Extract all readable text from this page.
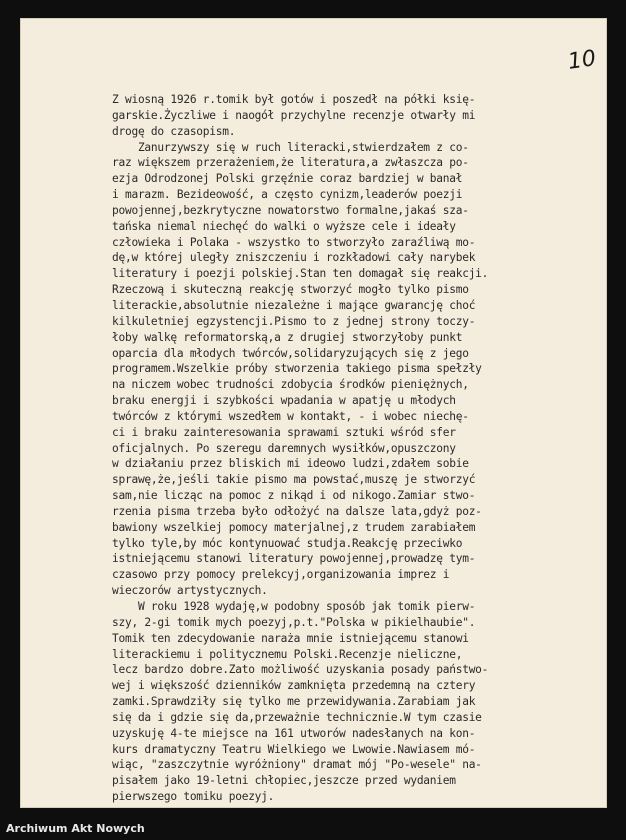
10
Z wiosną 1926 r.tomik był gotów i poszedł na półki księ-
garskie.Życzliwe i naogół przychylne recenzje otwarły mi
drogę do czasopism.
Zanurzywszy się w ruch literacki,stwierdzałem z co-
raz większem przerażeniem,że literatura,a zwłaszcza po-
ezja Odrodzonej Polski grzęźnie coraz bardziej w banał
i marazm. Bezideowość, a często cynizm,leaderów poezji
powojennej,bezkrytyczne nowatorstwo formalne,jakaś sza-
tańska niemal niechęć do walki o wyższe cele i ideały
człowieka i Polaka - wszystko to stworzyło zaraźliwą mo-
dę,w której uległy zniszczeniu i rozkładowi cały narybek
literatury i poezji polskiej.Stan ten domagał się reakcji.
Rzeczową i skuteczną reakcję stworzyć mogło tylko pismo
literackie,absolutnie niezależne i mające gwarancję choć
kilkuletniej egzystencji.Pismo to z jednej strony toczy-
łoby walkę reformatorską,a z drugiej stworzyłoby punkt
oparcia dla młodych twórców,solidaryzujących się z jego
programem.Wszelkie próby stworzenia takiego pisma spełzły
na niczem wobec trudności zdobycia środków pieniężnych,
braku energji i szybkości wpadania w apatję u młodych
twórców z którymi wszedłem w kontakt, - i wobec niechę-
ci i braku zainteresowania sprawami sztuki wśród sfer
oficjalnych. Po szeregu daremnych wysiłków,opuszczony
w działaniu przez bliskich mi ideowo ludzi,zdałem sobie
sprawę,że,jeśli takie pismo ma powstać,muszę je stworzyć
sam,nie licząc na pomoc z nikąd i od nikogo.Zamiar stwo-
rzenia pisma trzeba było odłożyć na dalsze lata,gdyż poz-
bawiony wszelkiej pomocy materjalnej,z trudem zarabiałem
tylko tyle,by móc kontynuować studja.Reakcję przeciwko
istniejącemu stanowi literatury powojennej,prowadzę tym-
czasowo przy pomocy prelekcyj,organizowania imprez i
wieczorów artystycznych.
W roku 1928 wydaję,w podobny sposób jak tomik pierw-
szy, 2-gi tomik mych poezyj,p.t."Polska w pikielhaubie".
Tomik ten zdecydowanie naraża mnie istniejącemu stanowi
literackiemu i politycznemu Polski.Recenzje nieliczne,
lecz bardzo dobre.Zato możliwość uzyskania posady państwo-
wej i większość dzienników zamknięta przedemną na cztery
zamki.Sprawdziły się tylko me przewidywania.Zarabiam jak
się da i gdzie się da,przeważnie technicznie.W tym czasie
uzyskuję 4-te miejsce na 161 utworów nadesłanych na kon-
kurs dramatyczny Teatru Wielkiego we Lwowie.Nawiasem mó-
wiąc, "zaszczytnie wyróżniony" dramat mój "Po-wesele" na-
pisałem jako 19-letni chłopiec,jeszcze przed wydaniem
pierwszego tomiku poezyj.
Archiwum Akt Nowych
